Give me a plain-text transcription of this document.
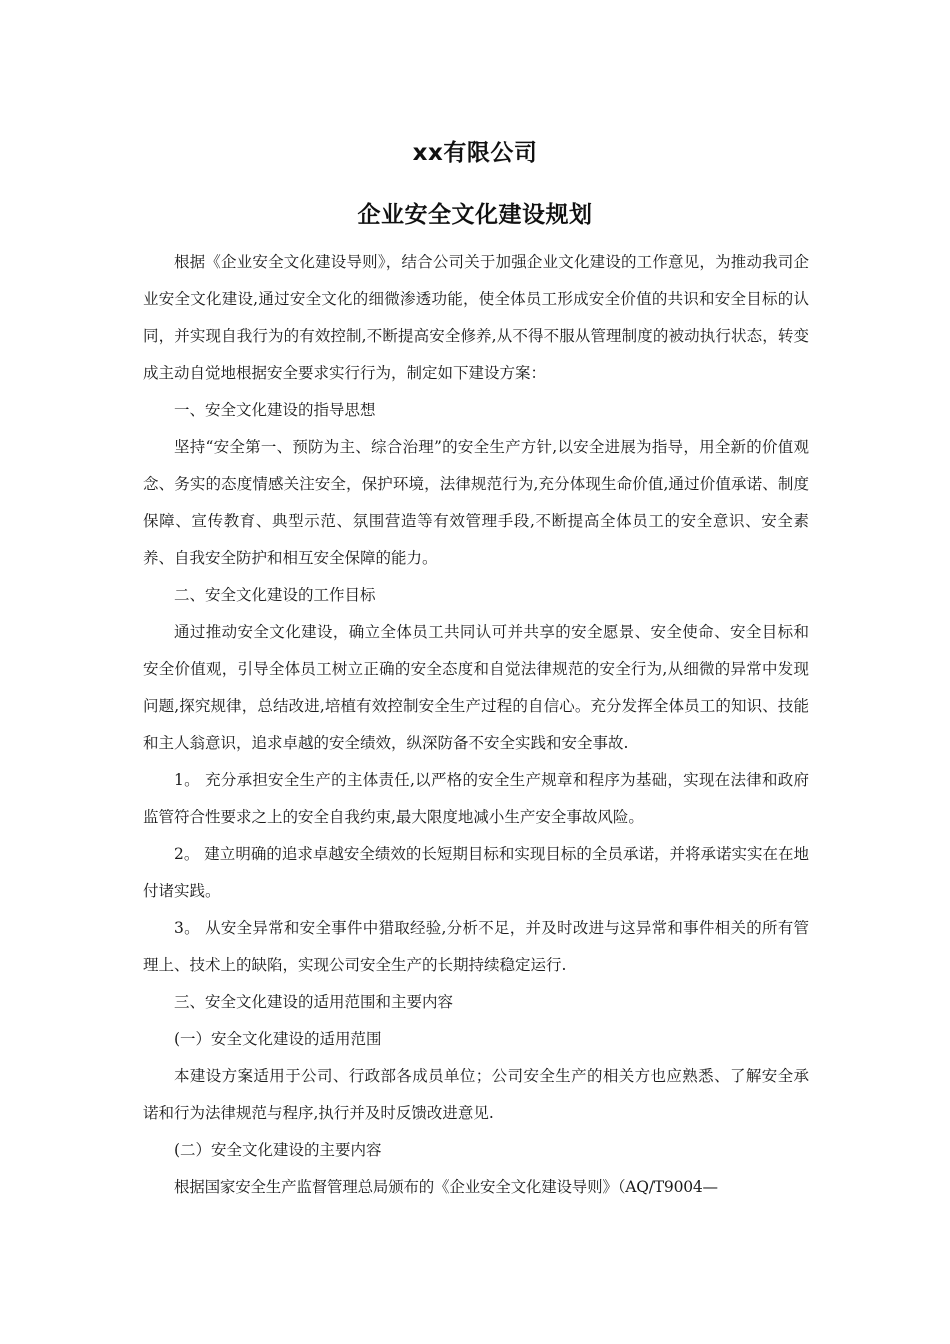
xx有限公司
企业安全文化建设规划

根据《企业安全文化建设导则》，结合公司关于加强企业文化建设的工作意见，为推动我司企业安全文化建设,通过安全文化的细微渗透功能，使全体员工形成安全价值的共识和安全目标的认同，并实现自我行为的有效控制,不断提高安全修养,从不得不服从管理制度的被动执行状态，转变成主动自觉地根据安全要求实行行为，制定如下建设方案：

一、安全文化建设的指导思想

坚持“安全第一、预防为主、综合治理”的安全生产方针,以安全进展为指导，用全新的价值观念、务实的态度情感关注安全，保护环境，法律规范行为,充分体现生命价值,通过价值承诺、制度保障、宣传教育、典型示范、氛围营造等有效管理手段,不断提高全体员工的安全意识、安全素养、自我安全防护和相互安全保障的能力。

二、安全文化建设的工作目标

通过推动安全文化建设，确立全体员工共同认可并共享的安全愿景、安全使命、安全目标和安全价值观，引导全体员工树立正确的安全态度和自觉法律规范的安全行为,从细微的异常中发现问题,探究规律，总结改进,培植有效控制安全生产过程的自信心。充分发挥全体员工的知识、技能和主人翁意识，追求卓越的安全绩效，纵深防备不安全实践和安全事故.

1。 充分承担安全生产的主体责任,以严格的安全生产规章和程序为基础，实现在法律和政府监管符合性要求之上的安全自我约束,最大限度地减小生产安全事故风险。

2。 建立明确的追求卓越安全绩效的长短期目标和实现目标的全员承诺，并将承诺实实在在地付诸实践。

3。 从安全异常和安全事件中猎取经验,分析不足，并及时改进与这异常和事件相关的所有管理上、技术上的缺陷，实现公司安全生产的长期持续稳定运行.

三、安全文化建设的适用范围和主要内容

(一）安全文化建设的适用范围

本建设方案适用于公司、行政部各成员单位；公司安全生产的相关方也应熟悉、了解安全承诺和行为法律规范与程序,执行并及时反馈改进意见.

(二）安全文化建设的主要内容

根据国家安全生产监督管理总局颁布的《企业安全文化建设导则》（AQ/T9004—
